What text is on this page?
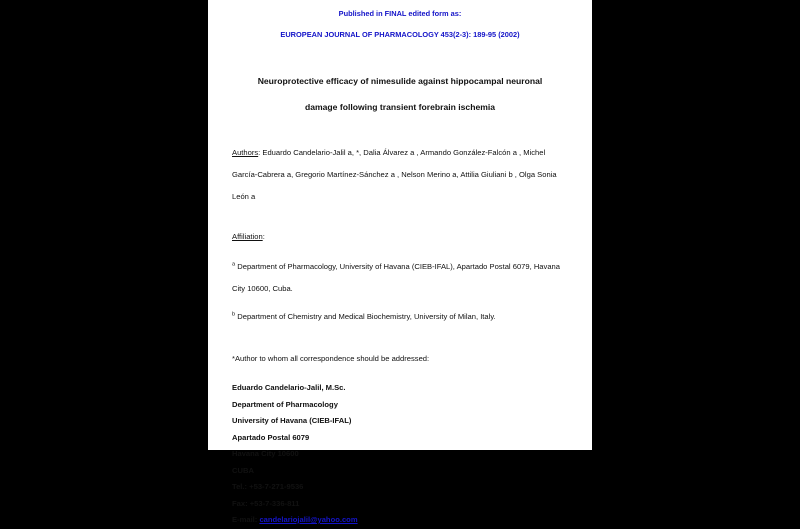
Published in FINAL edited form as:
EUROPEAN JOURNAL OF PHARMACOLOGY 453(2-3): 189-95 (2002)
Neuroprotective efficacy of nimesulide against hippocampal neuronal
damage following transient forebrain ischemia
Authors: Eduardo Candelario-Jalil a, *, Dalia Álvarez a , Armando González-Falcón a , Michel García-Cabrera a, Gregorio Martínez-Sánchez a , Nelson Merino a, Attilia Giuliani b , Olga Sonia León a
Affiliation:
$^a$ Department of Pharmacology, University of Havana (CIEB-IFAL), Apartado Postal 6079, Havana City 10600, Cuba.
$^b$ Department of Chemistry and Medical Biochemistry, University of Milan, Italy.
*Author to whom all correspondence should be addressed:
Eduardo Candelario-Jalil, M.Sc.
Department of Pharmacology
University of Havana (CIEB-IFAL)
Apartado Postal 6079
Havana City 10600
CUBA
Tel.: +53-7-271-9536
Fax: +53-7-336-811
E-mail: candelariojalil@yahoo.com
